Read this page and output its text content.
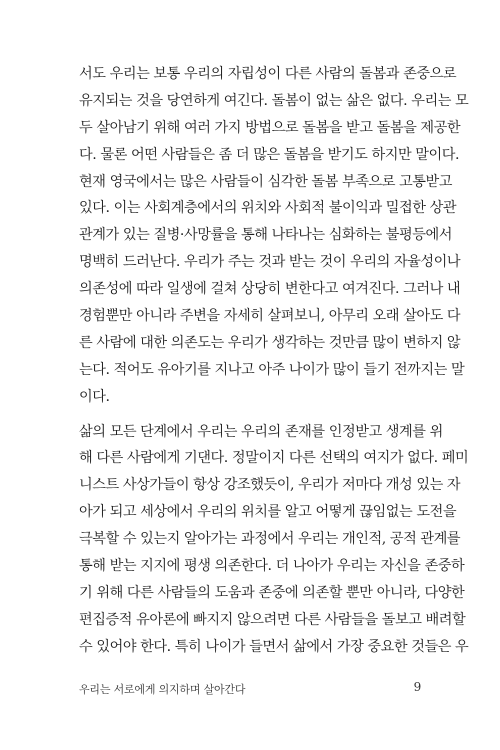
서도 우리는 보통 우리의 자립성이 다른 사람의 돌봄과 존중으로
유지되는 것을 당연하게 여긴다. 돌봄이 없는 삶은 없다. 우리는 모
두 살아남기 위해 여러 가지 방법으로 돌봄을 받고 돌봄을 제공한
다. 물론 어떤 사람들은 좀 더 많은 돌봄을 받기도 하지만 말이다.
현재 영국에서는 많은 사람들이 심각한 돌봄 부족으로 고통받고
있다. 이는 사회계층에서의 위치와 사회적 불이익과 밀접한 상관
관계가 있는 질병·사망률을 통해 나타나는 심화하는 불평등에서
명백히 드러난다. 우리가 주는 것과 받는 것이 우리의 자율성이나
의존성에 따라 일생에 걸쳐 상당히 변한다고 여겨진다. 그러나 내
경험뿐만 아니라 주변을 자세히 살펴보니, 아무리 오래 살아도 다
른 사람에 대한 의존도는 우리가 생각하는 것만큼 많이 변하지 않
는다. 적어도 유아기를 지나고 아주 나이가 많이 들기 전까지는 말
이다.
삶의 모든 단계에서 우리는 우리의 존재를 인정받고 생계를 위
해 다른 사람에게 기댄다. 정말이지 다른 선택의 여지가 없다. 페미
니스트 사상가들이 항상 강조했듯이, 우리가 저마다 개성 있는 자
아가 되고 세상에서 우리의 위치를 알고 어떻게 끊임없는 도전을
극복할 수 있는지 알아가는 과정에서 우리는 개인적, 공적 관계를
통해 받는 지지에 평생 의존한다. 더 나아가 우리는 자신을 존중하
기 위해 다른 사람들의 도움과 존중에 의존할 뿐만 아니라, 다양한
편집증적 유아론에 빠지지 않으려면 다른 사람들을 돌보고 배려할
수 있어야 한다. 특히 나이가 들면서 삶에서 가장 중요한 것들은 우
우리는 서로에게 의지하며 살아간다	9
